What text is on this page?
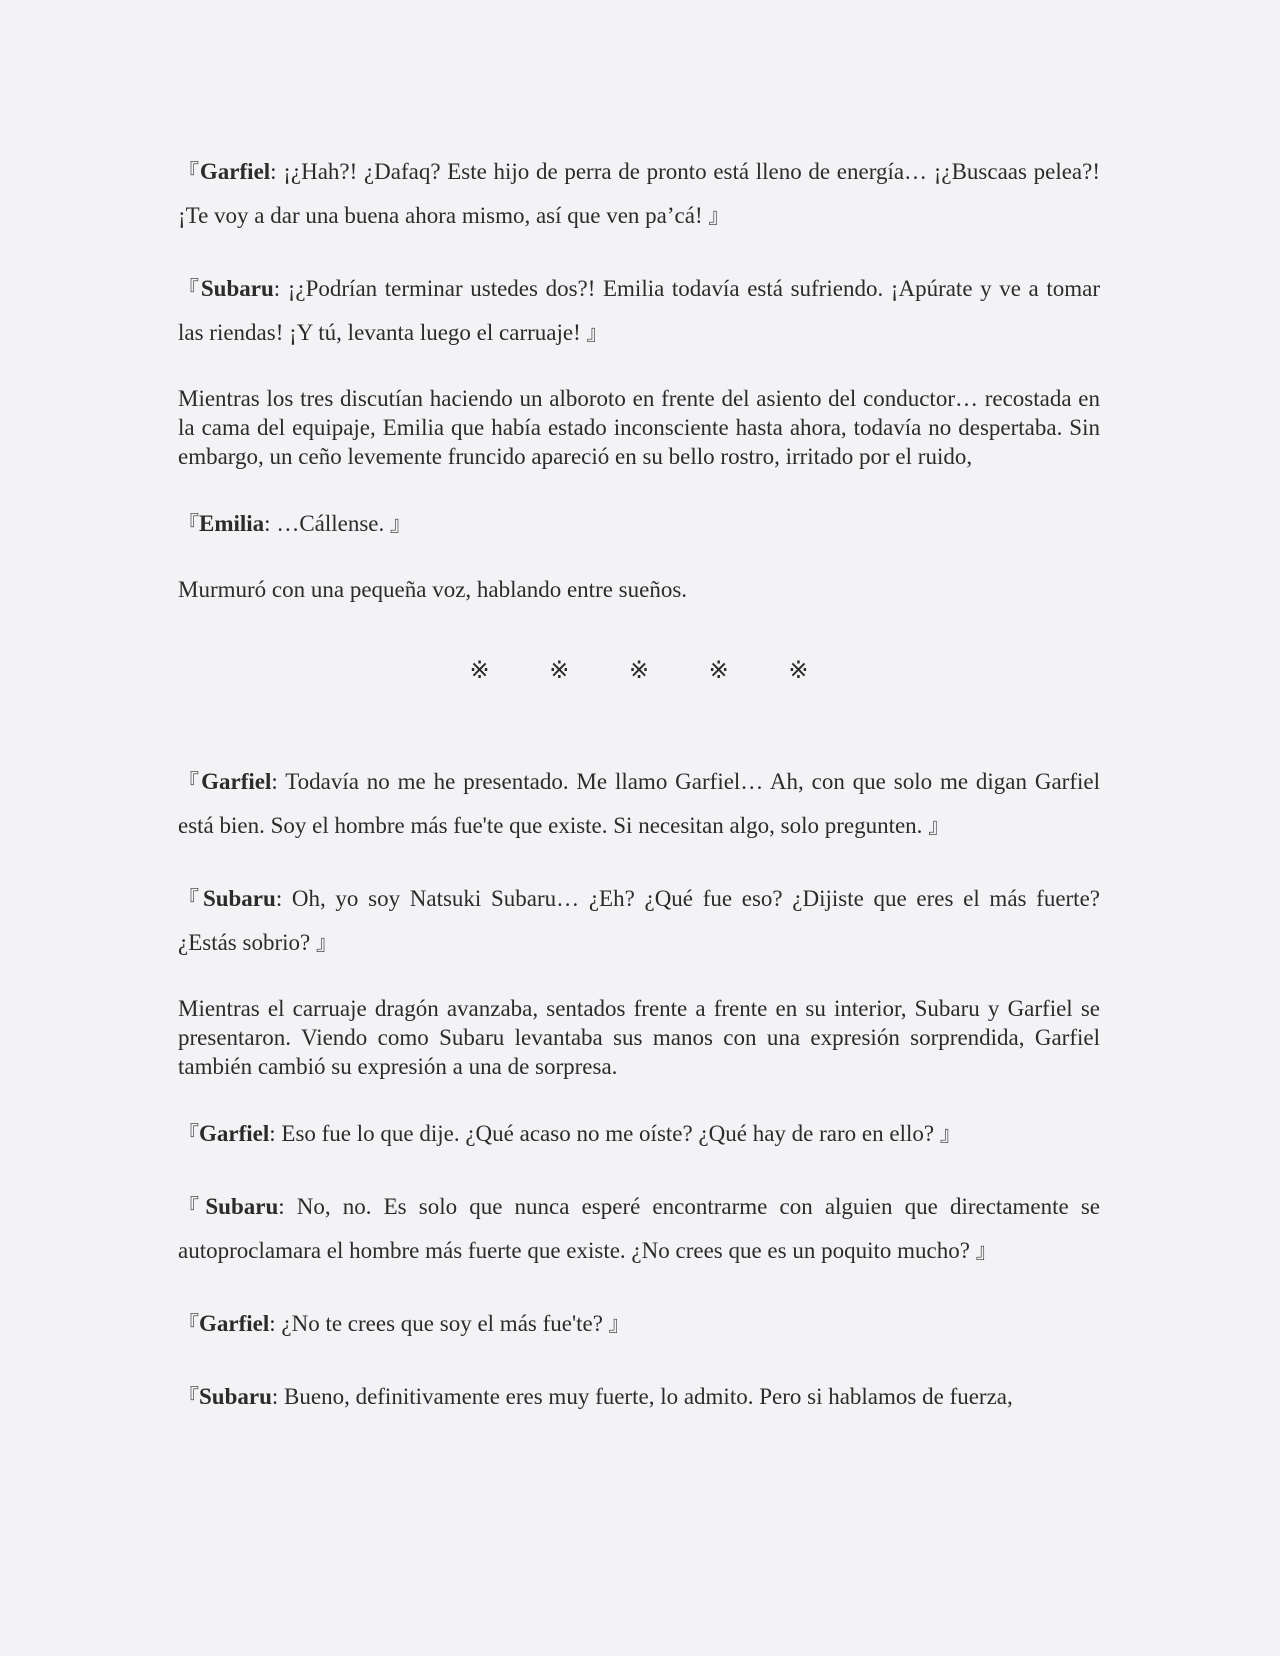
『Garfiel: ¡¿Hah?! ¿Dafaq? Este hijo de perra de pronto está lleno de energía… ¡¿Buscaas pelea?! ¡Te voy a dar una buena ahora mismo, así que ven pa’cá! 』

『Subaru: ¡¿Podrían terminar ustedes dos?! Emilia todavía está sufriendo. ¡Apúrate y ve a tomar las riendas! ¡Y tú, levanta luego el carruaje! 』

Mientras los tres discutían haciendo un alboroto en frente del asiento del conductor… recostada en la cama del equipaje, Emilia que había estado inconsciente hasta ahora, todavía no despertaba. Sin embargo, un ceño levemente fruncido apareció en su bello rostro, irritado por el ruido,

『Emilia: …Cállense. 』

Murmuró con una pequeña voz, hablando entre sueños.

※ ※ ※ ※ ※

『Garfiel: Todavía no me he presentado. Me llamo Garfiel… Ah, con que solo me digan Garfiel está bien. Soy el hombre más fue'te que existe. Si necesitan algo, solo pregunten. 』

『Subaru: Oh, yo soy Natsuki Subaru… ¿Eh? ¿Qué fue eso? ¿Dijiste que eres el más fuerte? ¿Estás sobrio? 』

Mientras el carruaje dragón avanzaba, sentados frente a frente en su interior, Subaru y Garfiel se presentaron. Viendo como Subaru levantaba sus manos con una expresión sorprendida, Garfiel también cambió su expresión a una de sorpresa.

『Garfiel: Eso fue lo que dije. ¿Qué acaso no me oíste? ¿Qué hay de raro en ello? 』

『Subaru: No, no. Es solo que nunca esperé encontrarme con alguien que directamente se autoproclamara el hombre más fuerte que existe. ¿No crees que es un poquito mucho? 』

『Garfiel: ¿No te crees que soy el más fue'te? 』

『Subaru: Bueno, definitivamente eres muy fuerte, lo admito. Pero si hablamos de fuerza,
